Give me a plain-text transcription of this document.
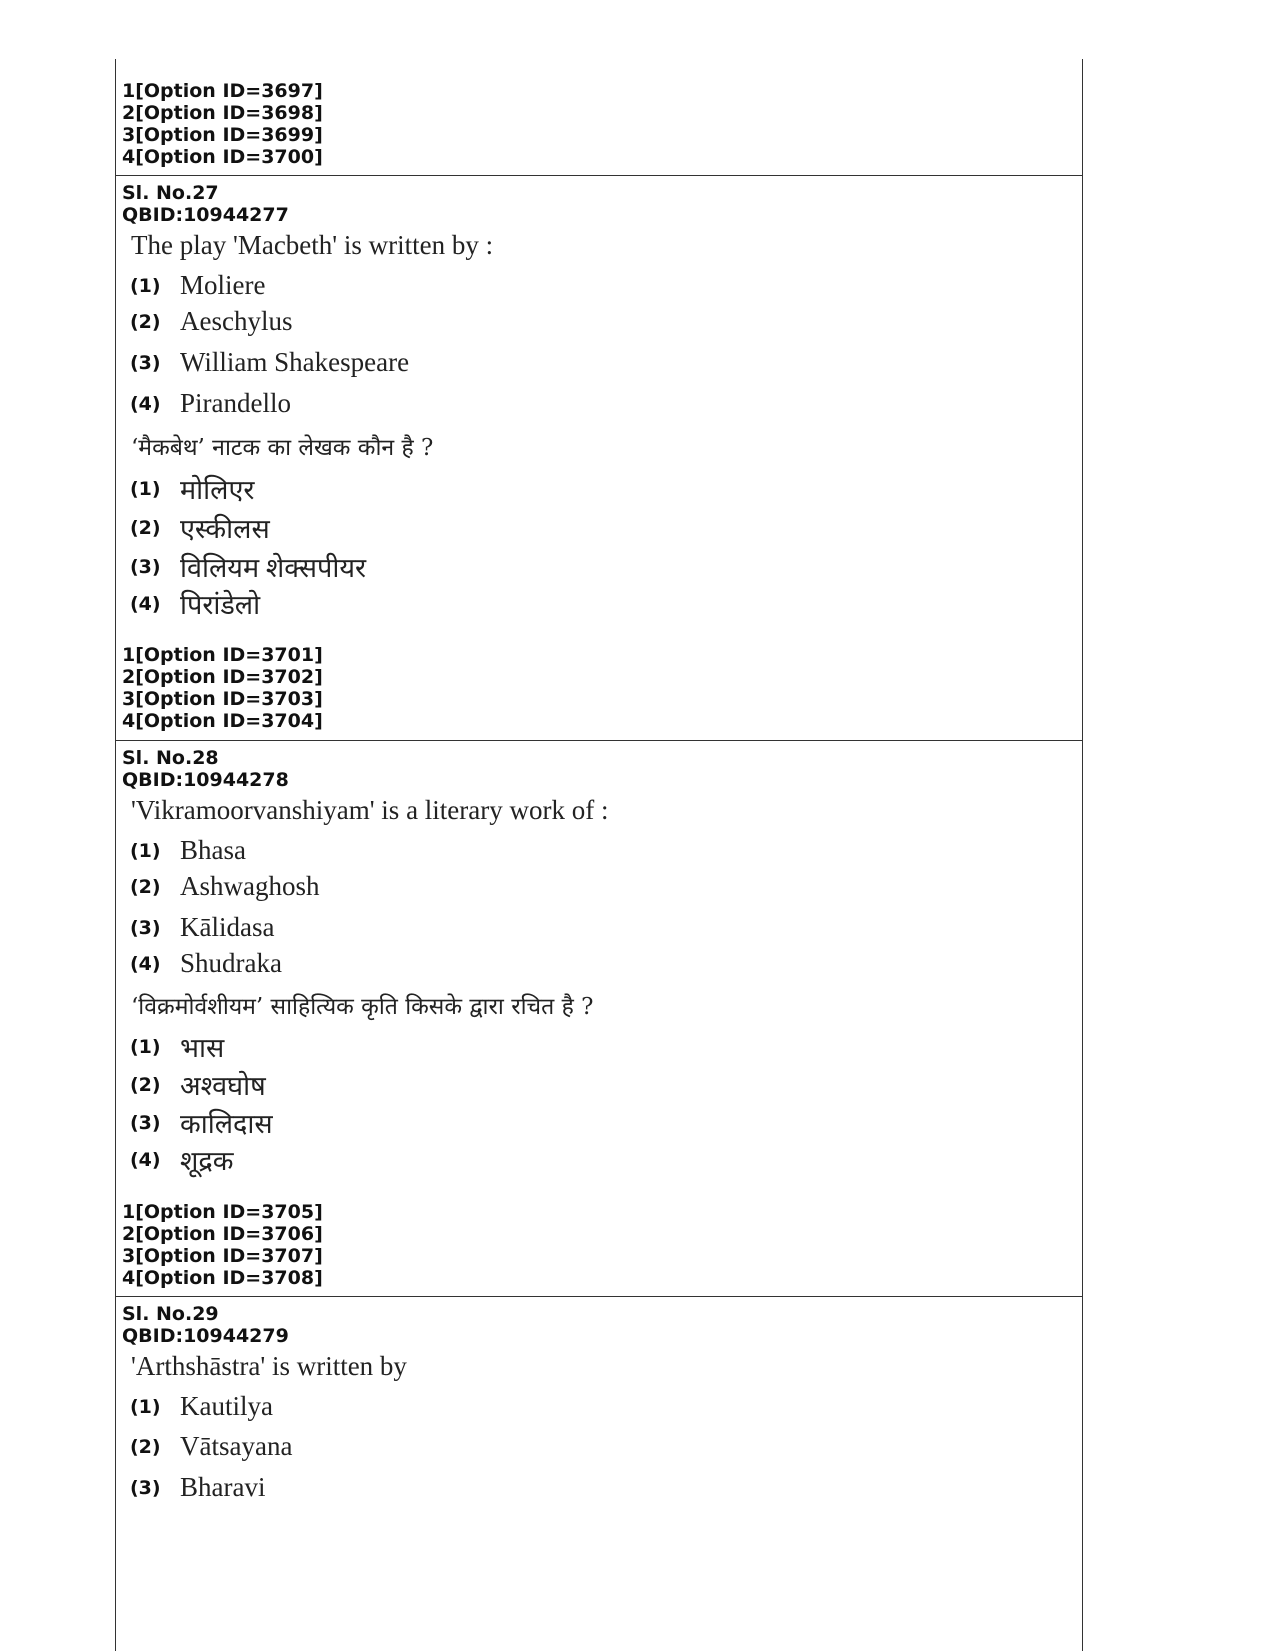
1[Option ID=3697]
2[Option ID=3698]
3[Option ID=3699]
4[Option ID=3700]
Sl. No.27
QBID:10944277
The play 'Macbeth' is written by :
(1) Moliere
(2) Aeschylus
(3) William Shakespeare
(4) Pirandello
‘मैकबेथ’ नाटक का लेखक कौन है ?
(1) मोलिएर
(2) एस्कीलस
(3) विलियम शेक्सपीयर
(4) पिरांडेलो
1[Option ID=3701]
2[Option ID=3702]
3[Option ID=3703]
4[Option ID=3704]
Sl. No.28
QBID:10944278
'Vikramoorvanshiyam' is a literary work of :
(1) Bhasa
(2) Ashwaghosh
(3) Kālidasa
(4) Shudraka
‘विक्रमोर्वशीयम’ साहित्यिक कृति किसके द्वारा रचित है ?
(1) भास
(2) अश्वघोष
(3) कालिदास
(4) शूद्रक
1[Option ID=3705]
2[Option ID=3706]
3[Option ID=3707]
4[Option ID=3708]
Sl. No.29
QBID:10944279
'Arthshāstra' is written by
(1) Kautilya
(2) Vātsayana
(3) Bharavi
